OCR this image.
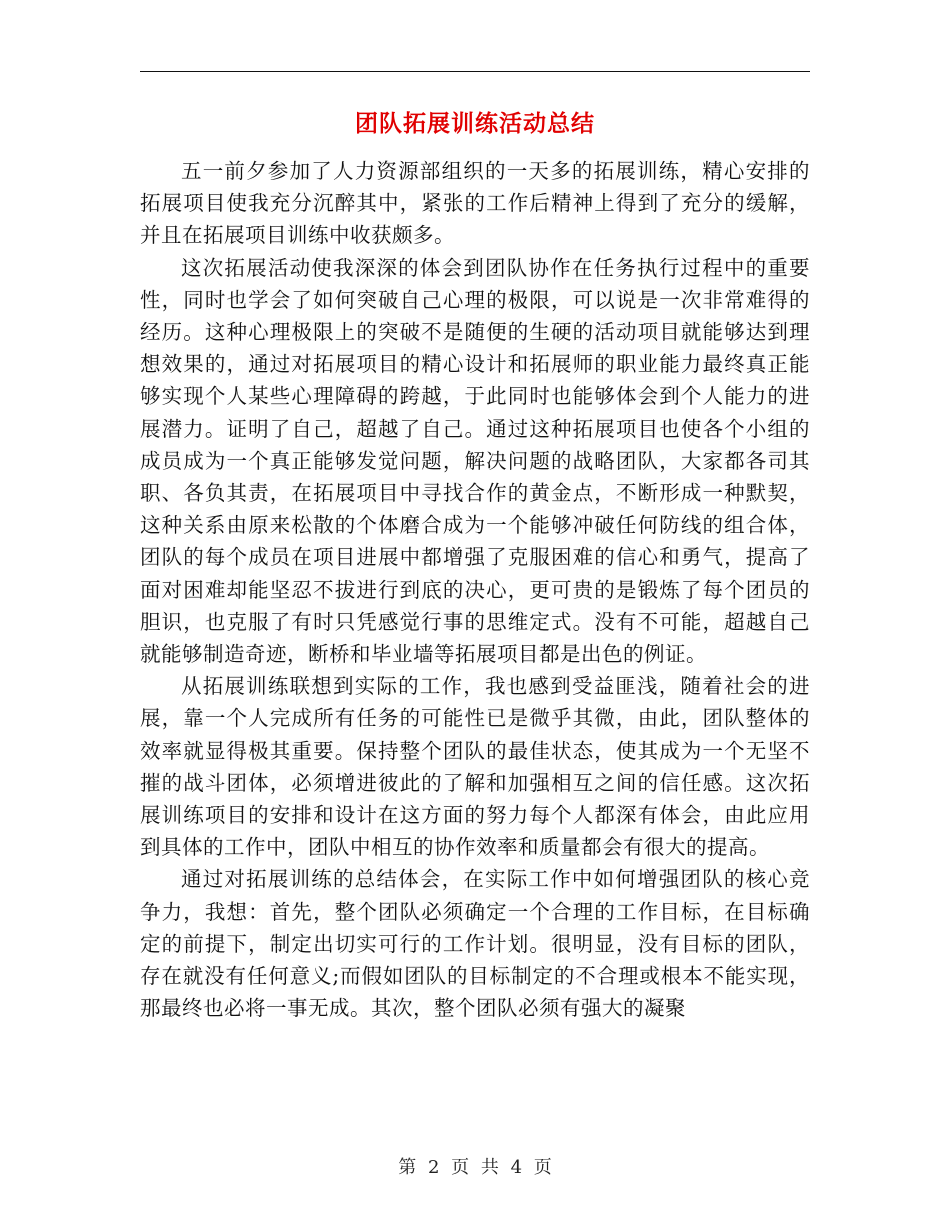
团队拓展训练活动总结

五一前夕参加了人力资源部组织的一天多的拓展训练，精心安排的拓展项目使我充分沉醉其中，紧张的工作后精神上得到了充分的缓解，并且在拓展项目训练中收获颇多。

这次拓展活动使我深深的体会到团队协作在任务执行过程中的重要性，同时也学会了如何突破自己心理的极限，可以说是一次非常难得的经历。这种心理极限上的突破不是随便的生硬的活动项目就能够达到理想效果的，通过对拓展项目的精心设计和拓展师的职业能力最终真正能够实现个人某些心理障碍的跨越，于此同时也能够体会到个人能力的进展潜力。证明了自己，超越了自己。通过这种拓展项目也使各个小组的成员成为一个真正能够发觉问题，解决问题的战略团队，大家都各司其职、各负其责，在拓展项目中寻找合作的黄金点，不断形成一种默契，这种关系由原来松散的个体磨合成为一个能够冲破任何防线的组合体，团队的每个成员在项目进展中都增强了克服困难的信心和勇气，提高了面对困难却能坚忍不拔进行到底的决心，更可贵的是锻炼了每个团员的胆识，也克服了有时只凭感觉行事的思维定式。没有不可能，超越自己就能够制造奇迹，断桥和毕业墙等拓展项目都是出色的例证。

从拓展训练联想到实际的工作，我也感到受益匪浅，随着社会的进展，靠一个人完成所有任务的可能性已是微乎其微，由此，团队整体的效率就显得极其重要。保持整个团队的最佳状态，使其成为一个无坚不摧的战斗团体，必须增进彼此的了解和加强相互之间的信任感。这次拓展训练项目的安排和设计在这方面的努力每个人都深有体会，由此应用到具体的工作中，团队中相互的协作效率和质量都会有很大的提高。

通过对拓展训练的总结体会，在实际工作中如何增强团队的核心竞争力，我想：首先，整个团队必须确定一个合理的工作目标，在目标确定的前提下，制定出切实可行的工作计划。很明显，没有目标的团队，存在就没有任何意义;而假如团队的目标制定的不合理或根本不能实现，那最终也必将一事无成。其次，整个团队必须有强大的凝聚

第 2 页 共 4 页
